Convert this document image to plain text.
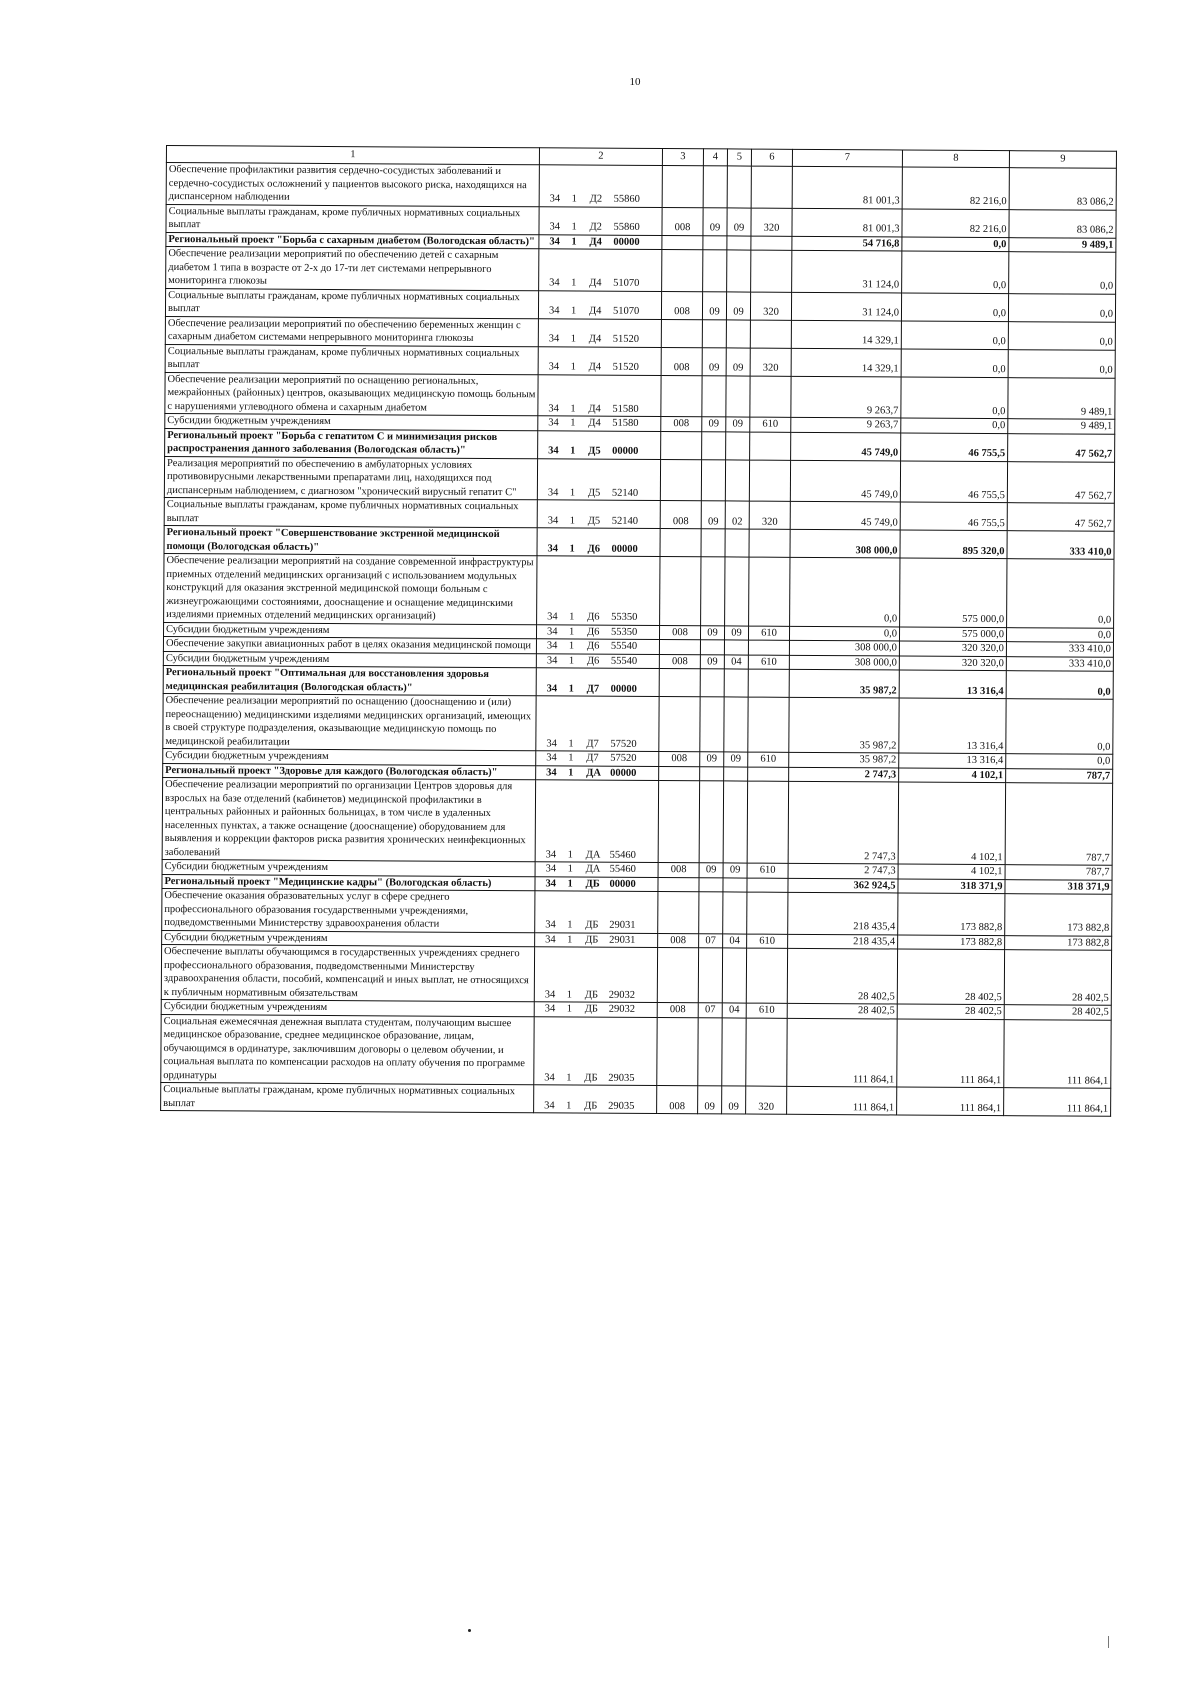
10
1	2	3	4	5	6	7	8	9
Обеспечение профилактики развития сердечно-сосудистых заболеваний и сердечно-сосудистых осложнений у пациентов высокого риска, находящихся на диспансерном наблюдении	34 1 Д2 55860					81 001,3	82 216,0	83 086,2
Социальные выплаты гражданам, кроме публичных нормативных социальных выплат	34 1 Д2 55860	008	09	09	320	81 001,3	82 216,0	83 086,2
Региональный проект "Борьба с сахарным диабетом (Вологодская область)"	34 1 Д4 00000					54 716,8	0,0	9 489,1
Обеспечение реализации мероприятий по обеспечению детей с сахарным диабетом 1 типа в возрасте от 2-х до 17-ти лет системами непрерывного мониторинга глюкозы	34 1 Д4 51070					31 124,0	0,0	0,0
Социальные выплаты гражданам, кроме публичных нормативных социальных выплат	34 1 Д4 51070	008	09	09	320	31 124,0	0,0	0,0
Обеспечение реализации мероприятий по обеспечению беременных женщин с сахарным диабетом системами непрерывного мониторинга глюкозы	34 1 Д4 51520					14 329,1	0,0	0,0
Социальные выплаты гражданам, кроме публичных нормативных социальных выплат	34 1 Д4 51520	008	09	09	320	14 329,1	0,0	0,0
Обеспечение реализации мероприятий по оснащению региональных, межрайонных (районных) центров, оказывающих медицинскую помощь больным с нарушениями углеводного обмена и сахарным диабетом	34 1 Д4 51580					9 263,7	0,0	9 489,1
Субсидии бюджетным учреждениям	34 1 Д4 51580	008	09	09	610	9 263,7	0,0	9 489,1
Региональный проект "Борьба с гепатитом С и минимизация рисков распространения данного заболевания (Вологодская область)"	34 1 Д5 00000					45 749,0	46 755,5	47 562,7
Реализация мероприятий по обеспечению в амбулаторных условиях противовирусными лекарственными препаратами лиц, находящихся под диспансерным наблюдением, с диагнозом "хронический вирусный гепатит С"	34 1 Д5 52140					45 749,0	46 755,5	47 562,7
Социальные выплаты гражданам, кроме публичных нормативных социальных выплат	34 1 Д5 52140	008	09	02	320	45 749,0	46 755,5	47 562,7
Региональный проект "Совершенствование экстренной медицинской помощи (Вологодская область)"	34 1 Д6 00000					308 000,0	895 320,0	333 410,0
Обеспечение реализации мероприятий на создание современной инфраструктуры приемных отделений медицинских организаций с использованием модульных конструкций для оказания экстренной медицинской помощи больным с жизнеугрожающими состояниями, дооснащение и оснащение медицинскими изделиями приемных отделений медицинских организаций)	34 1 Д6 55350					0,0	575 000,0	0,0
Субсидии бюджетным учреждениям	34 1 Д6 55350	008	09	09	610	0,0	575 000,0	0,0
Обеспечение закупки авиационных работ в целях оказания медицинской помощи	34 1 Д6 55540					308 000,0	320 320,0	333 410,0
Субсидии бюджетным учреждениям	34 1 Д6 55540	008	09	04	610	308 000,0	320 320,0	333 410,0
Региональный проект "Оптимальная для восстановления здоровья медицинская реабилитация (Вологодская область)"	34 1 Д7 00000					35 987,2	13 316,4	0,0
Обеспечение реализации мероприятий по оснащению (дооснащению и (или) переоснащению) медицинскими изделиями медицинских организаций, имеющих в своей структуре подразделения, оказывающие медицинскую помощь по медицинской реабилитации	34 1 Д7 57520					35 987,2	13 316,4	0,0
Субсидии бюджетным учреждениям	34 1 Д7 57520	008	09	09	610	35 987,2	13 316,4	0,0
Региональный проект "Здоровье для каждого (Вологодская область)"	34 1 ДА 00000					2 747,3	4 102,1	787,7
Обеспечение реализации мероприятий по организации Центров здоровья для взрослых на базе отделений (кабинетов) медицинской профилактики в центральных районных и районных больницах, в том числе в удаленных населенных пунктах, а также оснащение (дооснащение) оборудованием для выявления и коррекции факторов риска развития хронических неинфекционных заболеваний	34 1 ДА 55460					2 747,3	4 102,1	787,7
Субсидии бюджетным учреждениям	34 1 ДА 55460	008	09	09	610	2 747,3	4 102,1	787,7
Региональный проект "Медицинские кадры" (Вологодская область)	34 1 ДБ 00000					362 924,5	318 371,9	318 371,9
Обеспечение оказания образовательных услуг в сфере среднего профессионального образования государственными учреждениями, подведомственными Министерству здравоохранения области	34 1 ДБ 29031					218 435,4	173 882,8	173 882,8
Субсидии бюджетным учреждениям	34 1 ДБ 29031	008	07	04	610	218 435,4	173 882,8	173 882,8
Обеспечение выплаты обучающимся в государственных учреждениях среднего профессионального образования, подведомственными Министерству здравоохранения области, пособий, компенсаций и иных выплат, не относящихся к публичным нормативным обязательствам	34 1 ДБ 29032					28 402,5	28 402,5	28 402,5
Субсидии бюджетным учреждениям	34 1 ДБ 29032	008	07	04	610	28 402,5	28 402,5	28 402,5
Социальная ежемесячная денежная выплата студентам, получающим высшее медицинское образование, среднее медицинское образование, лицам, обучающимся в ординатуре, заключившим договоры о целевом обучении, и социальная выплата по компенсации расходов на оплату обучения по программе ординатуры	34 1 ДБ 29035					111 864,1	111 864,1	111 864,1
Социальные выплаты гражданам, кроме публичных нормативных социальных выплат	34 1 ДБ 29035	008	09	09	320	111 864,1	111 864,1	111 864,1
